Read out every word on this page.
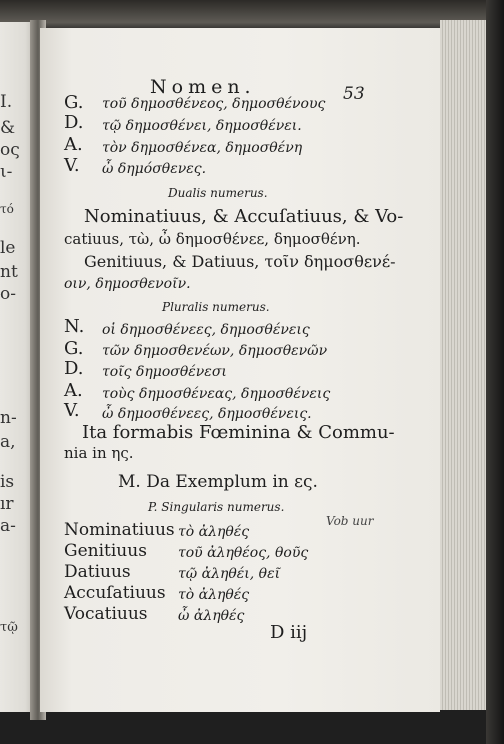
I.
&
ος
ι-
τό
le
nt
o-
n-
a,
is
ır
a-
τῷ
Nomen.	53
G. τοῦ δημοσθένεος, δημοσθένους
D. τῷ δημοσθένει, δημοσθένει.
A. τὸν δημοσθένεα, δημοσθένη
V. ὦ δημόσθενες.
Dualis numerus.
Nominatiuus, & Accuſatiuus, & Vo-
catiuus, τὼ, ὦ δημοσθένεε, δημοσθένη.
Genitiuus, & Datiuus, τοῖν δημοσθενέ-
οιν, δημοσθενοῖν.
Pluralis numerus.
N. οἱ δημοσθένεες, δημοσθένεις
G. τῶν δημοσθενέων, δημοσθενῶν
D. τοῖς δημοσθένεσι
A. τοὺς δημοσθένεας, δημοσθένεις
V. ὦ δημοσθένεες, δημοσθένεις.
Ita formabis Fœminina & Commu-
nia in ης.
M. Da Exemplum in ες.
P. Singularis numerus.
Vob uur
Nominatiuus τὸ ἀληθές
Genitiuus τοῦ ἀληθέος, θοῦς
Datiuus	τῷ ἀληθέι, θεῖ
Accuſatiuus τὸ ἀληθές
Vocatiuus ὦ ἀληθές
D iij
